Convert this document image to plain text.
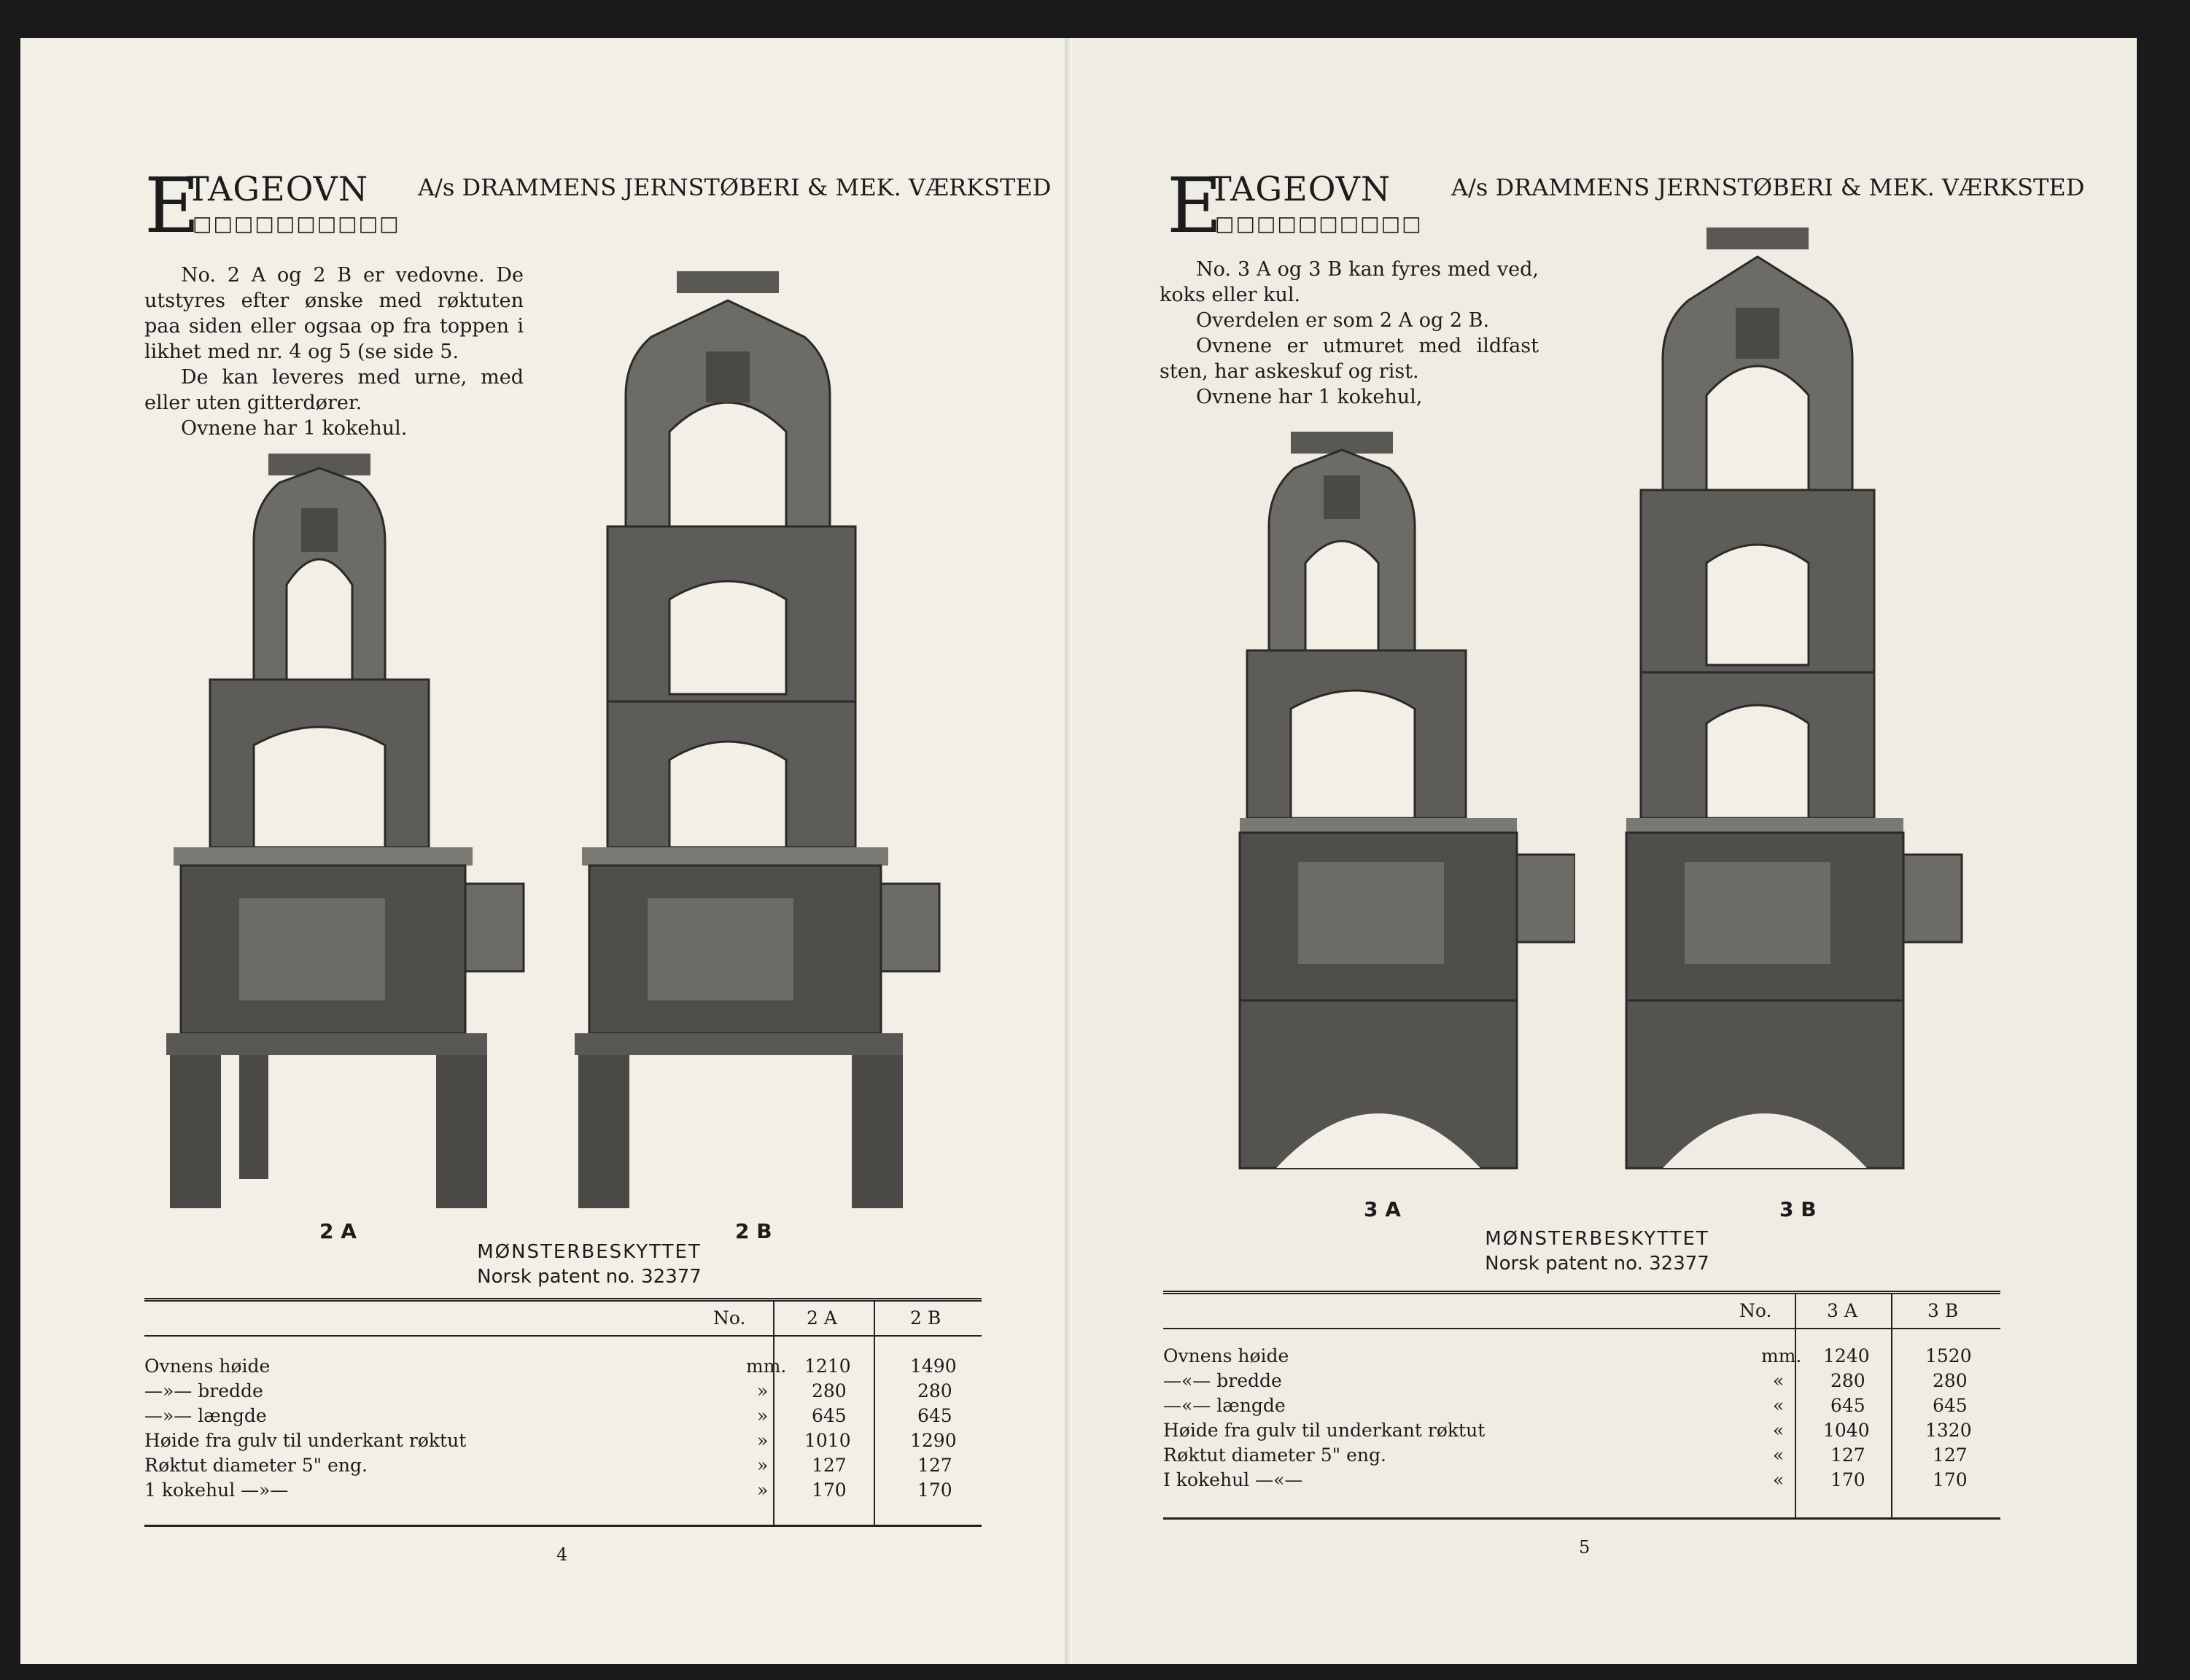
E
TAGEOVN
□□□□□□□□□□
A/s DRAMMENS JERNSTØBERI & MEK. VÆRKSTED

No. 2 A og 2 B er vedovne. De utstyres efter ønske med røktuten paa siden eller ogsaa op fra toppen i likhet med nr. 4 og 5 (se side 5.

De kan leveres med urne, med eller uten gitterdører.

Ovnene har 1 kokehul.

2 A	2 B
MØNSTERBESKYTTET
Norsk patent no. 32377
No.	2 A	2 B
Ovnens høide	mm. 1210	1490
—»— bredde	» 280	280
—»— længde	» 645	645
Høide fra gulv til underkant røktut	» 1010	1290
Røktut diameter 5" eng.	» 127	127
1 kokehul —»—	» 170	170
4
E
TAGEOVN
□□□□□□□□□□
A/s DRAMMENS JERNSTØBERI & MEK. VÆRKSTED

No. 3 A og 3 B kan fyres med ved, koks eller kul.

Overdelen er som 2 A og 2 B.

Ovnene er utmuret med ildfast sten, har askeskuf og rist.

Ovnene har 1 kokehul,

3 A	3 B
MØNSTERBESKYTTET
Norsk patent no. 32377
No.	3 A	3 B
Ovnens høide	mm. 1240	1520
—«— bredde	«	280	280
—«— længde	«	645	645
Høide fra gulv til underkant røktut	« 1040	1320
Røktut diameter 5" eng.	«	127	127
I kokehul —«—	«	170	170
5
